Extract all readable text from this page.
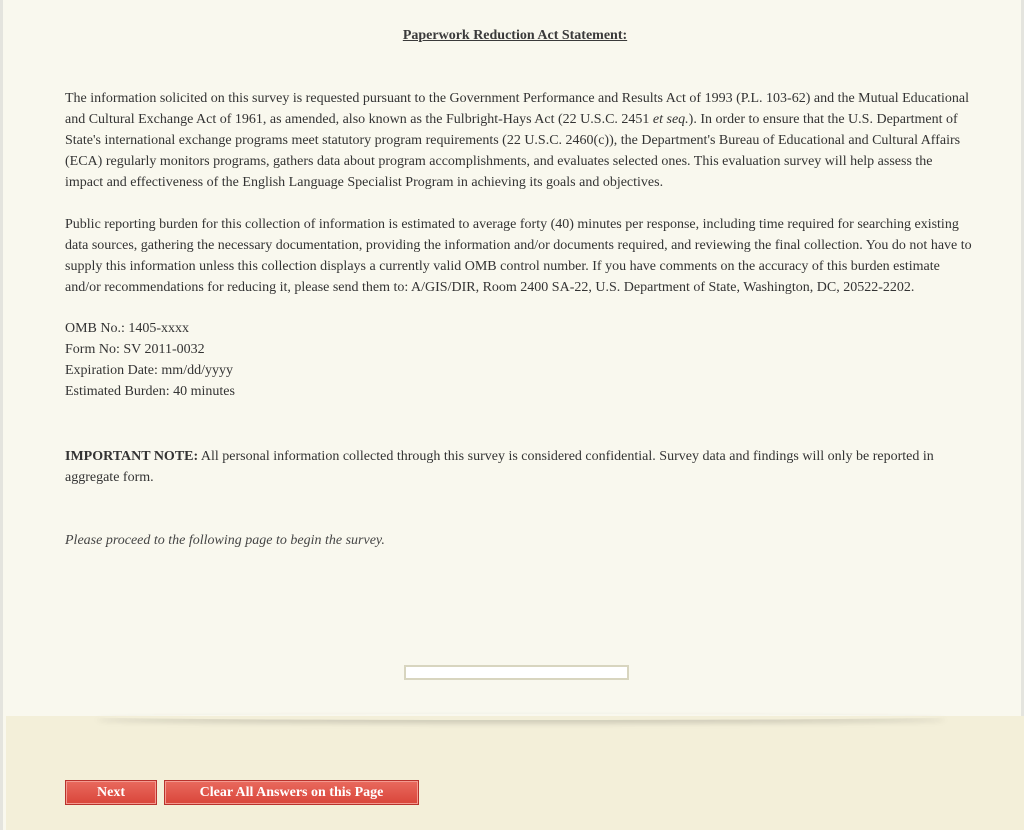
Paperwork Reduction Act Statement:
The information solicited on this survey is requested pursuant to the Government Performance and Results Act of 1993 (P.L. 103-62) and the Mutual Educational and Cultural Exchange Act of 1961, as amended, also known as the Fulbright-Hays Act (22 U.S.C. 2451 et seq.). In order to ensure that the U.S. Department of State's international exchange programs meet statutory program requirements (22 U.S.C. 2460(c)), the Department's Bureau of Educational and Cultural Affairs (ECA) regularly monitors programs, gathers data about program accomplishments, and evaluates selected ones. This evaluation survey will help assess the impact and effectiveness of the English Language Specialist Program in achieving its goals and objectives.
Public reporting burden for this collection of information is estimated to average forty (40) minutes per response, including time required for searching existing data sources, gathering the necessary documentation, providing the information and/or documents required, and reviewing the final collection. You do not have to supply this information unless this collection displays a currently valid OMB control number. If you have comments on the accuracy of this burden estimate and/or recommendations for reducing it, please send them to: A/GIS/DIR, Room 2400 SA-22, U.S. Department of State, Washington, DC, 20522-2202.
OMB No.: 1405-xxxx
Form No: SV 2011-0032
Expiration Date: mm/dd/yyyy
Estimated Burden: 40 minutes
IMPORTANT NOTE: All personal information collected through this survey is considered confidential. Survey data and findings will only be reported in aggregate form.
Please proceed to the following page to begin the survey.
Next	Clear All Answers on this Page
